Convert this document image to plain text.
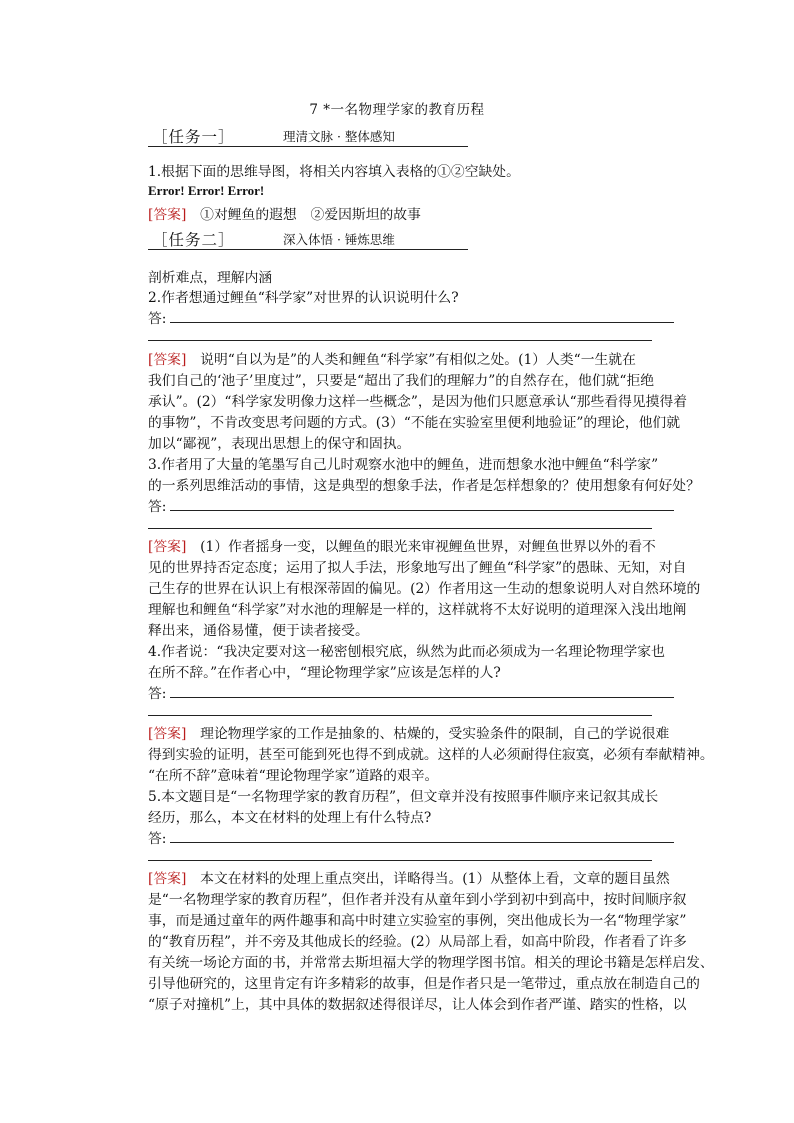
7 *一名物理学家的教育历程
［任务一］	理清文脉 · 整体感知
1.根据下面的思维导图，将相关内容填入表格的①②空缺处。
Error! Error! Error!
[答案]　 ①对鲤鱼的遐想　②爱因斯坦的故事
［任务二］	深入体悟 · 锤炼思维
剖析难点，理解内涵
2.作者想通过鲤鱼“科学家”对世界的认识说明什么?
答:
[答案]　 说明“自以为是”的人类和鲤鱼“科学家”有相似之处。(1）人类“一生就在
我们自己的‘池子’里度过”，只要是“超出了我们的理解力”的自然存在，他们就“拒绝
承认”。(2）“科学家发明像力这样一些概念”，是因为他们只愿意承认“那些看得见摸得着
的事物”，不肯改变思考问题的方式。(3）“不能在实验室里便利地验证”的理论，他们就
加以“鄙视”，表现出思想上的保守和固执。
3.作者用了大量的笔墨写自己儿时观察水池中的鲤鱼，进而想象水池中鲤鱼“科学家”
的一系列思维活动的事情，这是典型的想象手法，作者是怎样想象的？使用想象有何好处？
答:
[答案]　 (1）作者摇身一变，以鲤鱼的眼光来审视鲤鱼世界，对鲤鱼世界以外的看不
见的世界持否定态度；运用了拟人手法，形象地写出了鲤鱼“科学家”的愚昧、无知，对自
己生存的世界在认识上有根深蒂固的偏见。(2）作者用这一生动的想象说明人对自然环境的
理解也和鲤鱼“科学家”对水池的理解是一样的，这样就将不太好说明的道理深入浅出地阐
释出来，通俗易懂，便于读者接受。
4.作者说：“我决定要对这一秘密刨根究底，纵然为此而必须成为一名理论物理学家也
在所不辞。”在作者心中，“理论物理学家”应该是怎样的人?
答:
[答案]　 理论物理学家的工作是抽象的、枯燥的，受实验条件的限制，自己的学说很难
得到实验的证明，甚至可能到死也得不到成就。这样的人必须耐得住寂寞，必须有奉献精神。
“在所不辞”意味着“理论物理学家”道路的艰辛。
5.本文题目是“一名物理学家的教育历程”，但文章并没有按照事件顺序来记叙其成长
经历，那么，本文在材料的处理上有什么特点?
答:
[答案]　 本文在材料的处理上重点突出，详略得当。(1）从整体上看，文章的题目虽然
是“一名物理学家的教育历程”，但作者并没有从童年到小学到初中到高中，按时间顺序叙
事，而是通过童年的两件趣事和高中时建立实验室的事例，突出他成长为一名“物理学家”
的“教育历程”，并不旁及其他成长的经验。(2）从局部上看，如高中阶段，作者看了许多
有关统一场论方面的书，并常常去斯坦福大学的物理学图书馆。相关的理论书籍是怎样启发、
引导他研究的，这里肯定有许多精彩的故事，但是作者只是一笔带过，重点放在制造自己的
“原子对撞机”上，其中具体的数据叙述得很详尽，让人体会到作者严谨、踏实的性格，以
